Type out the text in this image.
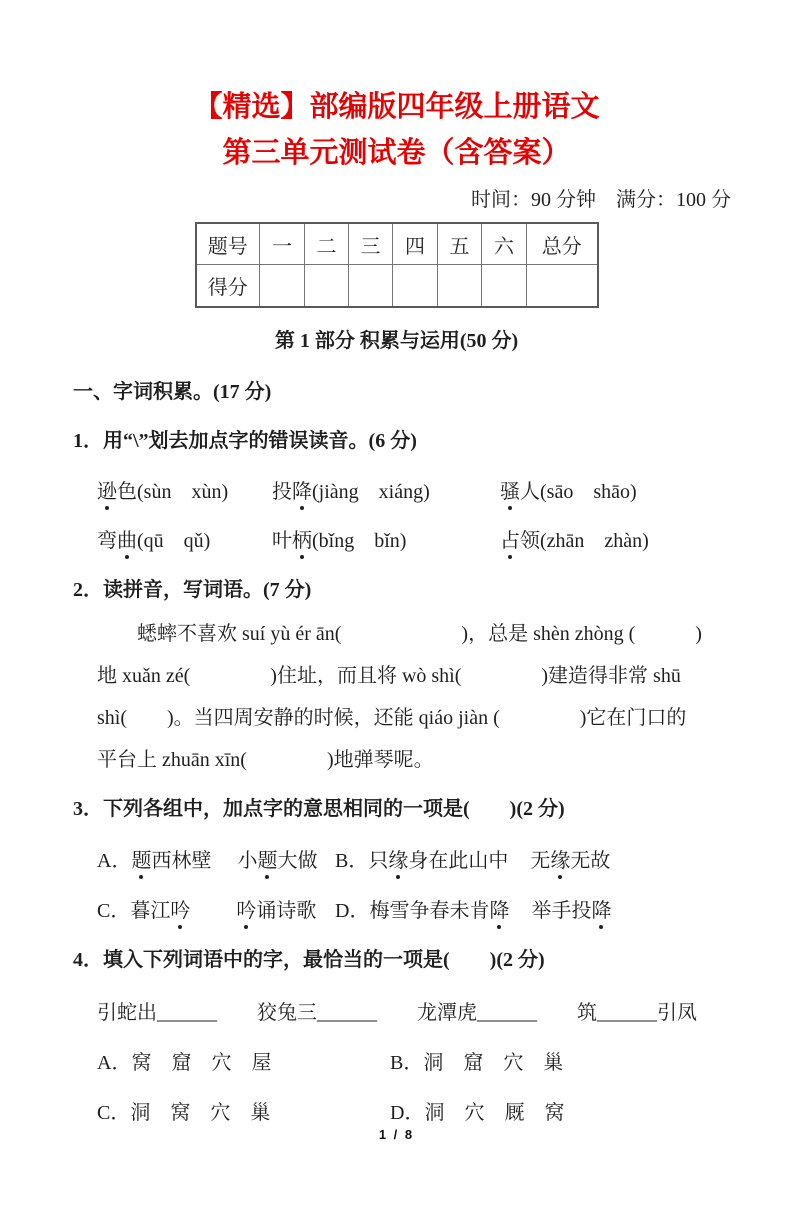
【精选】部编版四年级上册语文
第三单元测试卷（含答案）
时间：90 分钟　满分：100 分
题号	一	二	三	四	五	六	总分
得分							
第 1 部分 积累与运用(50 分)
一、字词积累。(17 分)
1．用“\”划去加点字的错误读音。(6 分)
逊色(sùn　xùn)	投降(jiàng　xiáng)	骚人(sāo　shāo)
弯曲(qū　qǔ)	叶柄(bǐng　bǐn)	占领(zhān　zhàn)
2．读拼音，写词语。(7 分)
蟋蟀不喜欢 suí yù ér ān(　　　　　　)，总是 shèn zhòng (　　　)
地 xuǎn zé(　　　　)住址，而且将 wò shì(　　　　)建造得非常 shū
shì(　　)。当四周安静的时候，还能 qiáo jiàn (　　　　)它在门口的
平台上 zhuān xīn(　　　　)地弹琴呢。
3．下列各组中，加点字的意思相同的一项是(　　)(2 分)
A． 题西林壁	小题大做 B． 只缘身在此山中	无缘无故
C． 暮江吟	吟诵诗歌 D． 梅雪争春未肯降	举手投降
4．填入下列词语中的字，最恰当的一项是(　　)(2 分)
引蛇出______　　狡兔三______　　龙潭虎______　　筑______引凤
A．窝　窟　穴　屋	B．洞　窟　穴　巢
C．洞　窝　穴　巢	D．洞　穴　厩　窝
1 / 8
